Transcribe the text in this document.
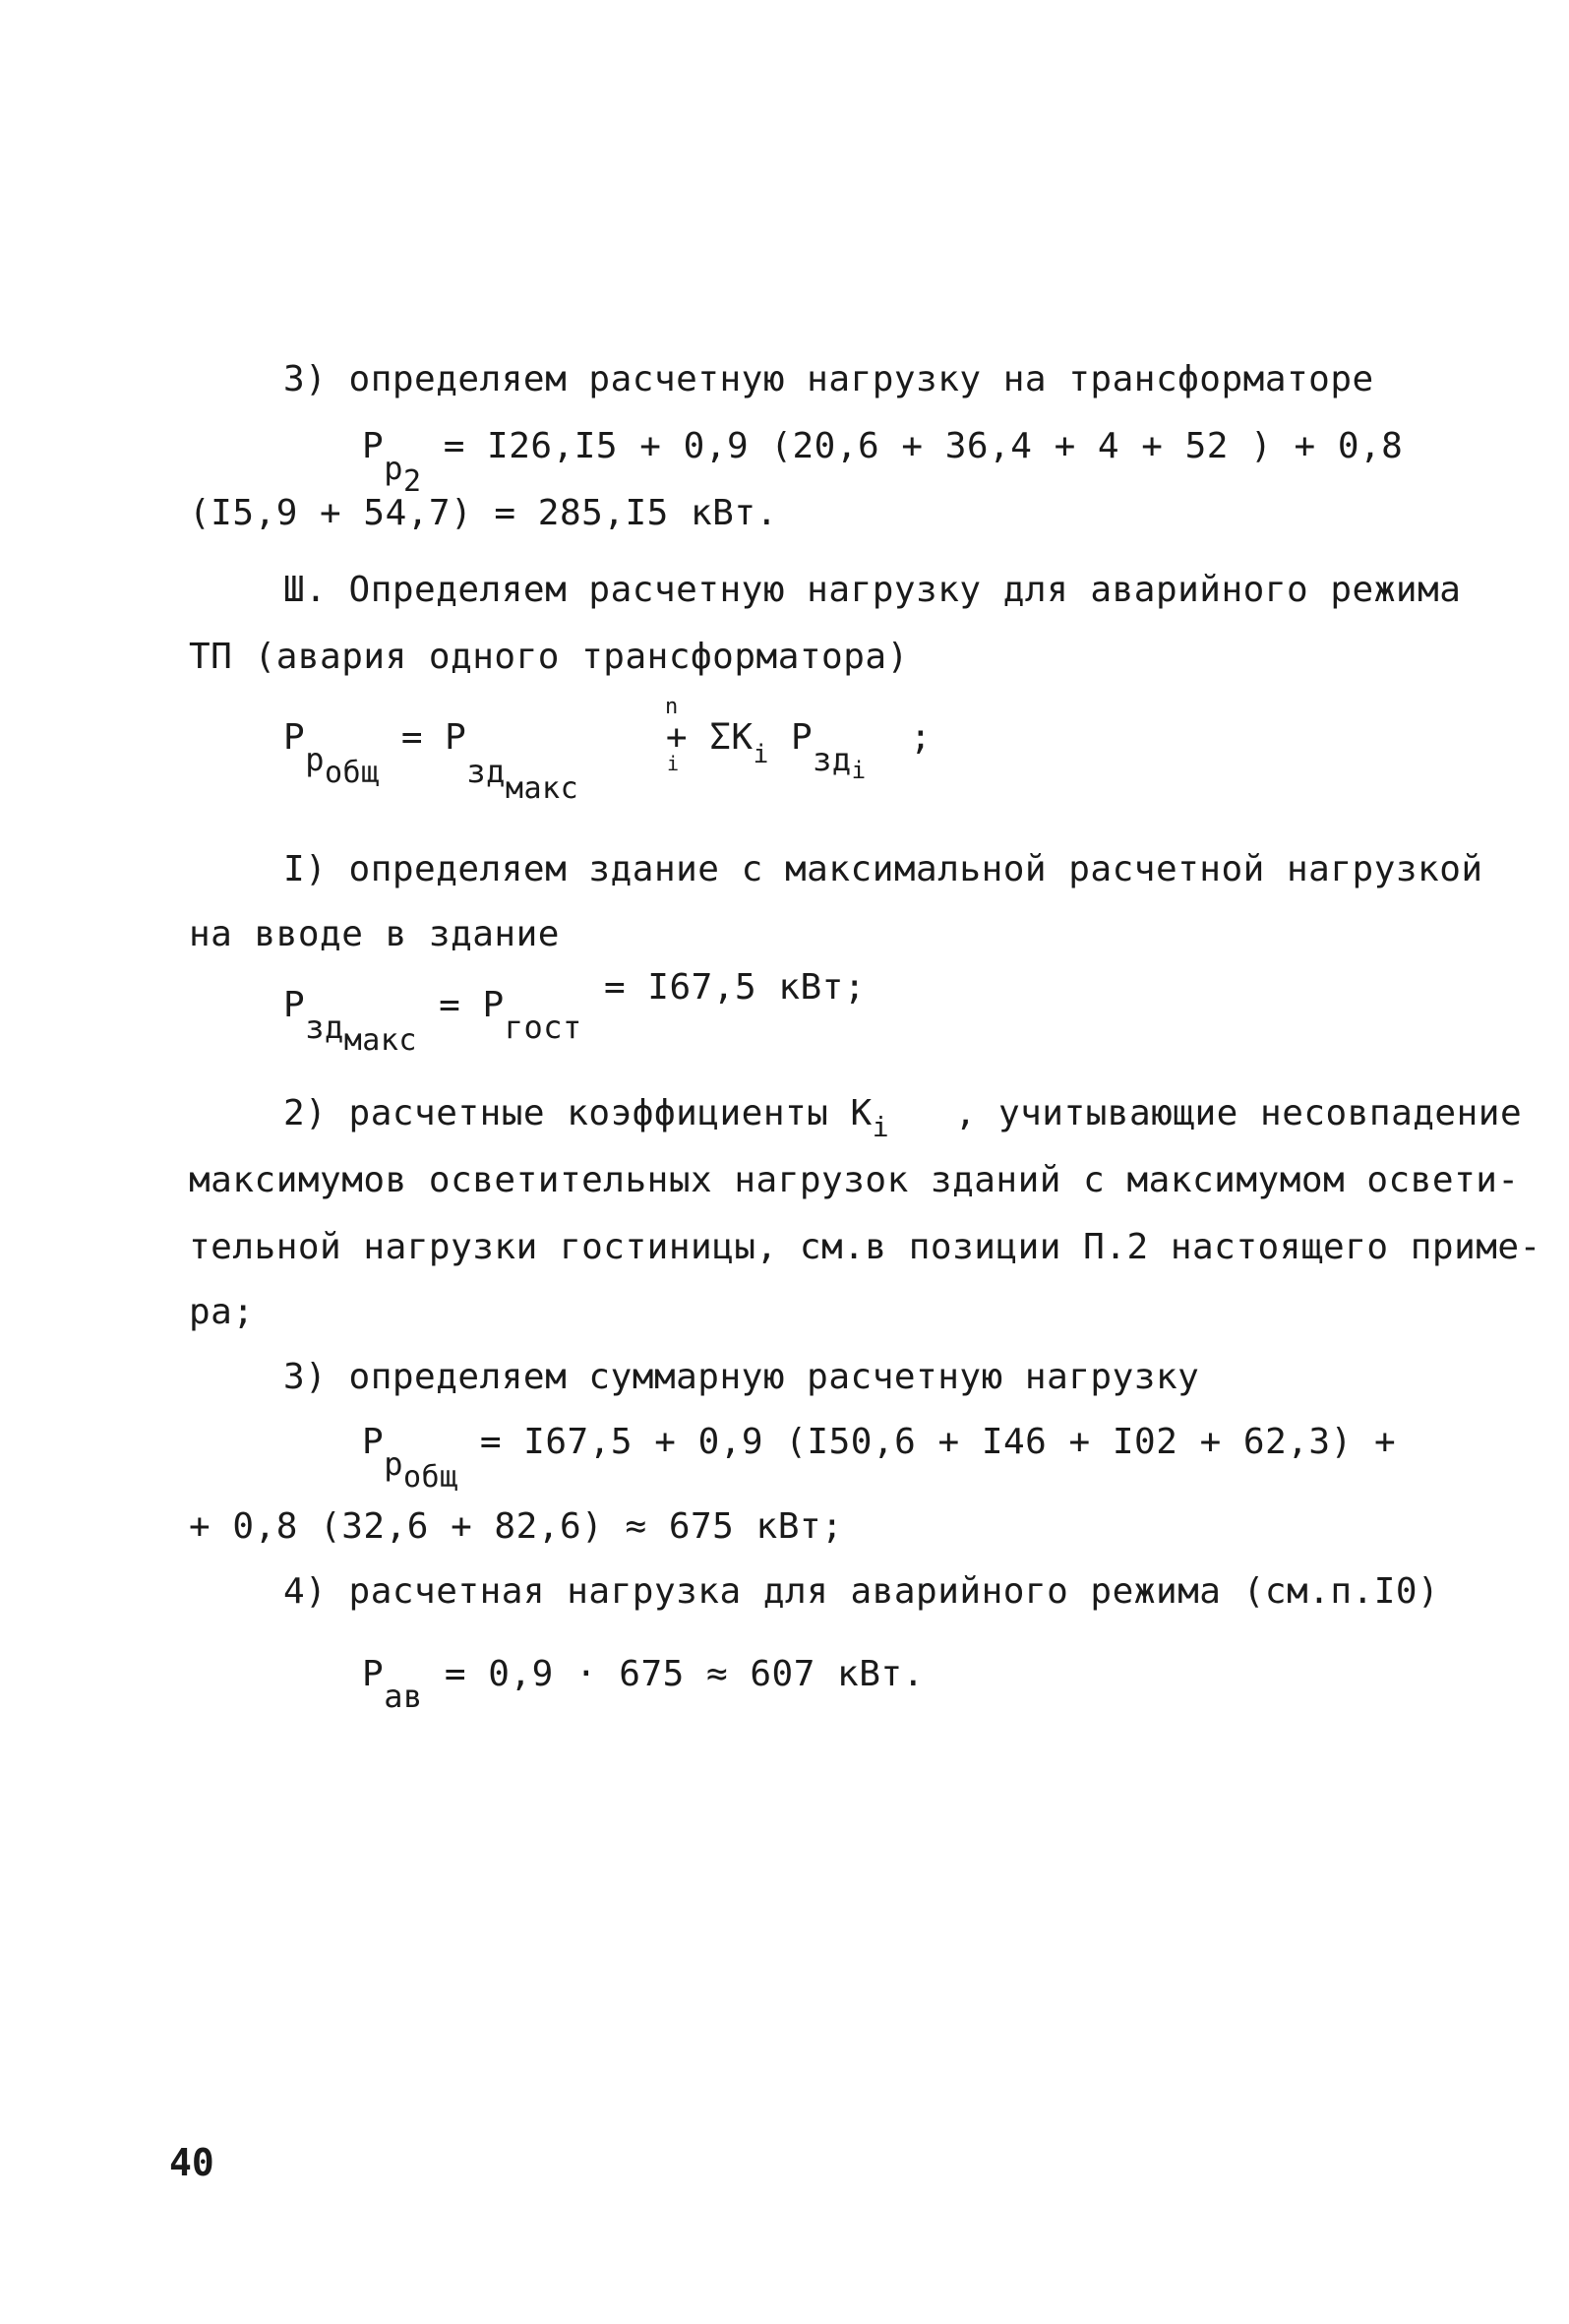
3) определяем расчетную нагрузку на трансформаторе
$Pp_2 = I26,I5 + 0,9$ (20,6 + 36,4 + 4 + 52 ) + 0,8
(I5,9 + 54,7) = 285,I5 кВт.
Ш. Определяем расчетную нагрузку для аварийного режима
ТП (авария одного трансформатора)
$Pp_{общ} = Pзд_{макс}$    + $\Sigma K_i$ Pзд$_i$  ;
n
i
I) определяем здание с максимальной расчетной нагрузкой
на вводе в здание
Pзд$_{макс}$ = Pгост = I67,5 кВт;
2) расчетные коэффициенты $K_i$ , учитывающие несовпадение
максимумов осветительных нагрузок зданий с максимумом освети-
тельной нагрузки гостиницы, см.в позиции П.2 настоящего приме-
ра;
3) определяем суммарную расчетную нагрузку
$Pp_{общ} = I67,5 + 0,9$ (I50,6 + I46 + I02 + 62,3) +
+ 0,8 (32,6 + 82,6) ≈ 675 кВт;
4) расчетная нагрузка для аварийного режима (см.п.I0)
Pав = 0,9 · 675 ≈ 607 кВт.
40
